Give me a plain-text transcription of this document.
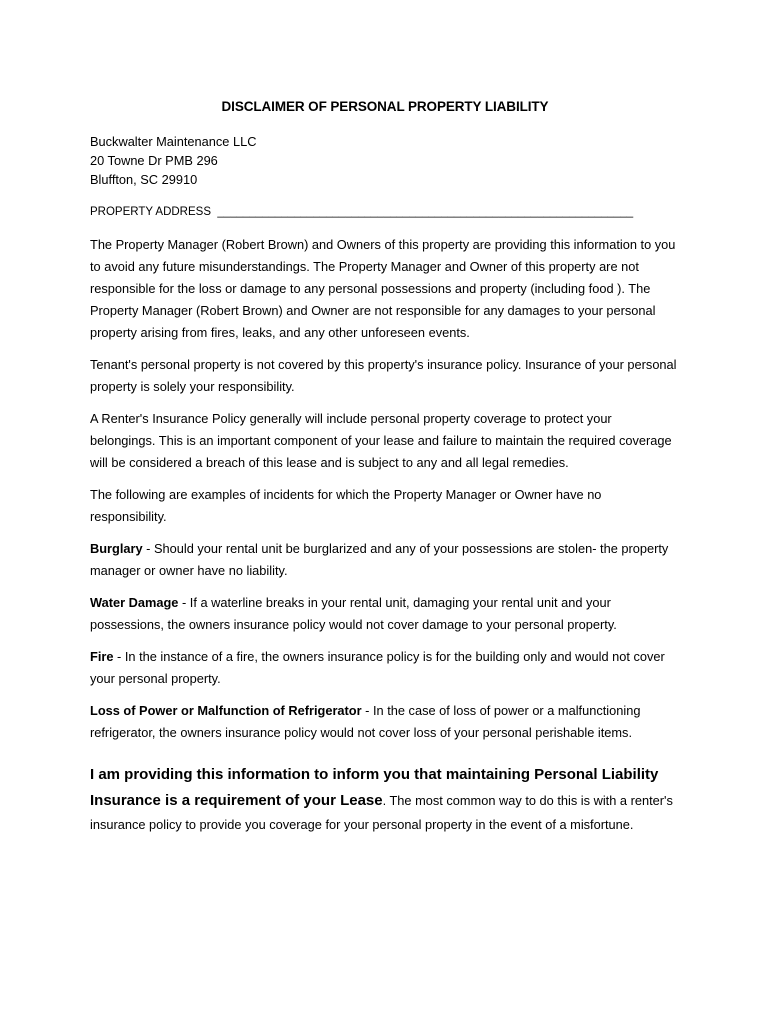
DISCLAIMER OF PERSONAL PROPERTY LIABILITY
Buckwalter Maintenance LLC
20 Towne Dr PMB 296
Bluffton, SC 29910
PROPERTY ADDRESS _________________________________________________________________

The Property Manager (Robert Brown) and Owners of this property are providing this information to you to avoid any future misunderstandings. The Property Manager and Owner of this property are not responsible for the loss or damage to any personal possessions and property (including food ). The Property Manager (Robert Brown) and Owner are not responsible for any damages to your personal property arising from fires, leaks, and any other unforeseen events.

Tenant's personal property is not covered by this property's insurance policy. Insurance of your personal property is solely your responsibility.

A Renter's Insurance Policy generally will include personal property coverage to protect your belongings. This is an important component of your lease and failure to maintain the required coverage will be considered a breach of this lease and is subject to any and all legal remedies.

The following are examples of incidents for which the Property Manager or Owner have no responsibility.

Burglary - Should your rental unit be burglarized and any of your possessions are stolen- the property manager or owner have no liability.

Water Damage - If a waterline breaks in your rental unit, damaging your rental unit and your possessions, the owners insurance policy would not cover damage to your personal property.

Fire - In the instance of a fire, the owners insurance policy is for the building only and would not cover your personal property.

Loss of Power or Malfunction of Refrigerator - In the case of loss of power or a malfunctioning refrigerator, the owners insurance policy would not cover loss of your personal perishable items.

I am providing this information to inform you that maintaining Personal Liability Insurance is a requirement of your Lease. The most common way to do this is with a renter's insurance policy to provide you coverage for your personal property in the event of a misfortune.
